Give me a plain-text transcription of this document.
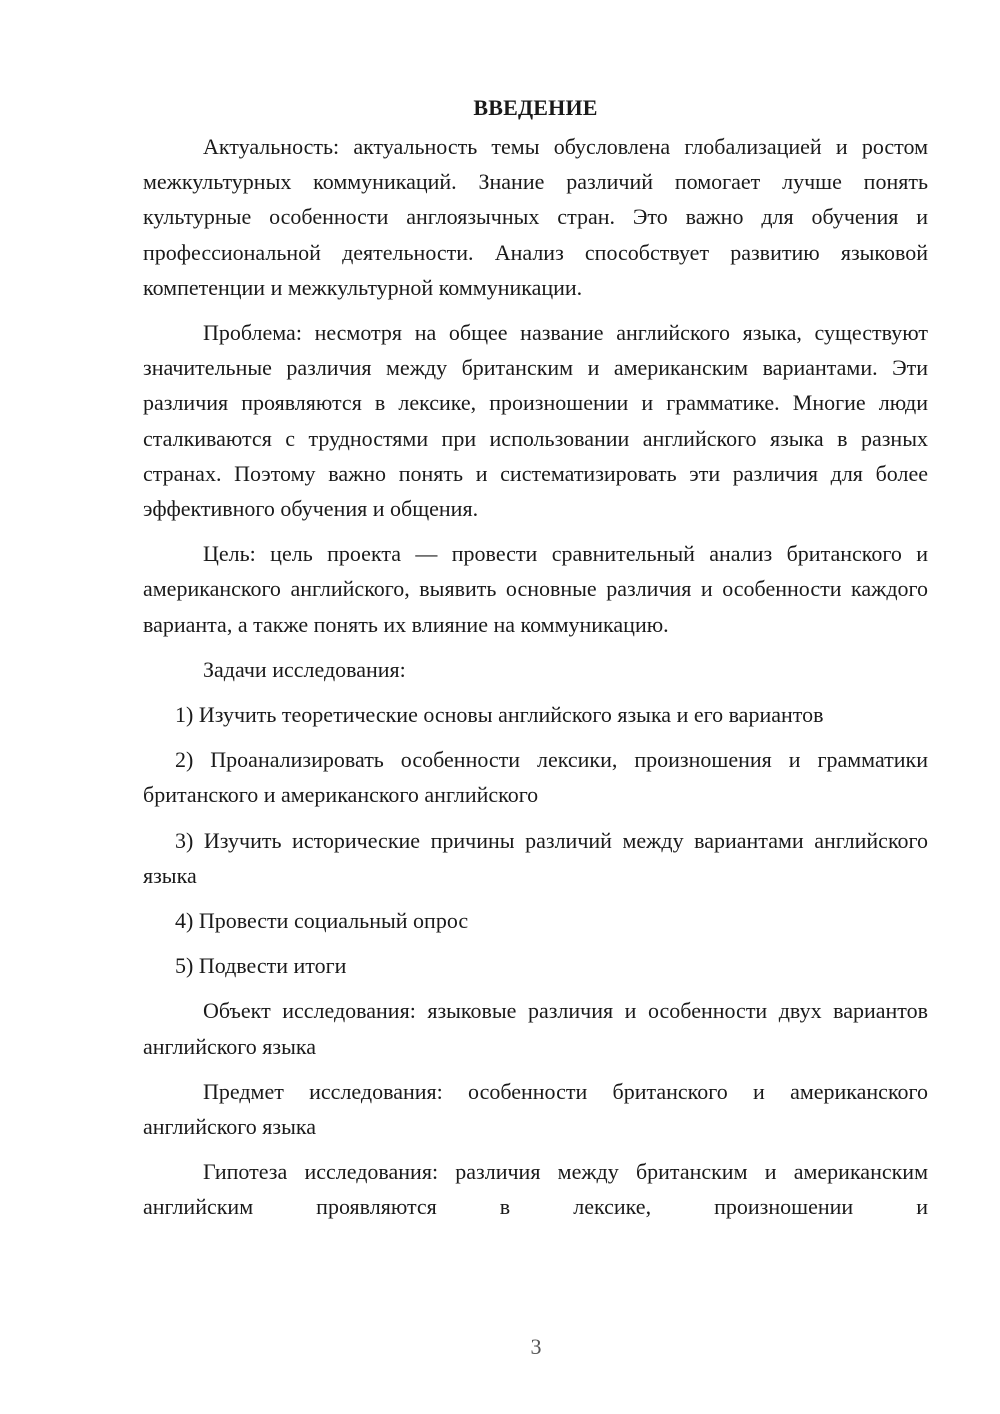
ВВЕДЕНИЕ

Актуальность: актуальность темы обусловлена глобализацией и ростом межкультурных коммуникаций. Знание различий помогает лучше понять культурные особенности англоязычных стран. Это важно для обучения и профессиональной деятельности. Анализ способствует развитию языковой компетенции и межкультурной коммуникации.

Проблема: несмотря на общее название английского языка, существуют значительные различия между британским и американским вариантами. Эти различия проявляются в лексике, произношении и грамматике. Многие люди сталкиваются с трудностями при использовании английского языка в разных странах. Поэтому важно понять и систематизировать эти различия для более эффективного обучения и общения.

Цель: цель проекта — провести сравнительный анализ британского и американского английского, выявить основные различия и особенности каждого варианта, а также понять их влияние на коммуникацию.

Задачи исследования:

1) Изучить теоретические основы английского языка и его вариантов

2) Проанализировать особенности лексики, произношения и грамматики британского и американского английского

3) Изучить исторические причины различий между вариантами английского языка

4) Провести социальный опрос

5) Подвести итоги

Объект исследования: языковые различия и особенности двух вариантов английского языка

Предмет исследования: особенности британского и американского английского языка

Гипотеза исследования: различия между британским и американским английским проявляются в лексике, произношении и

3
